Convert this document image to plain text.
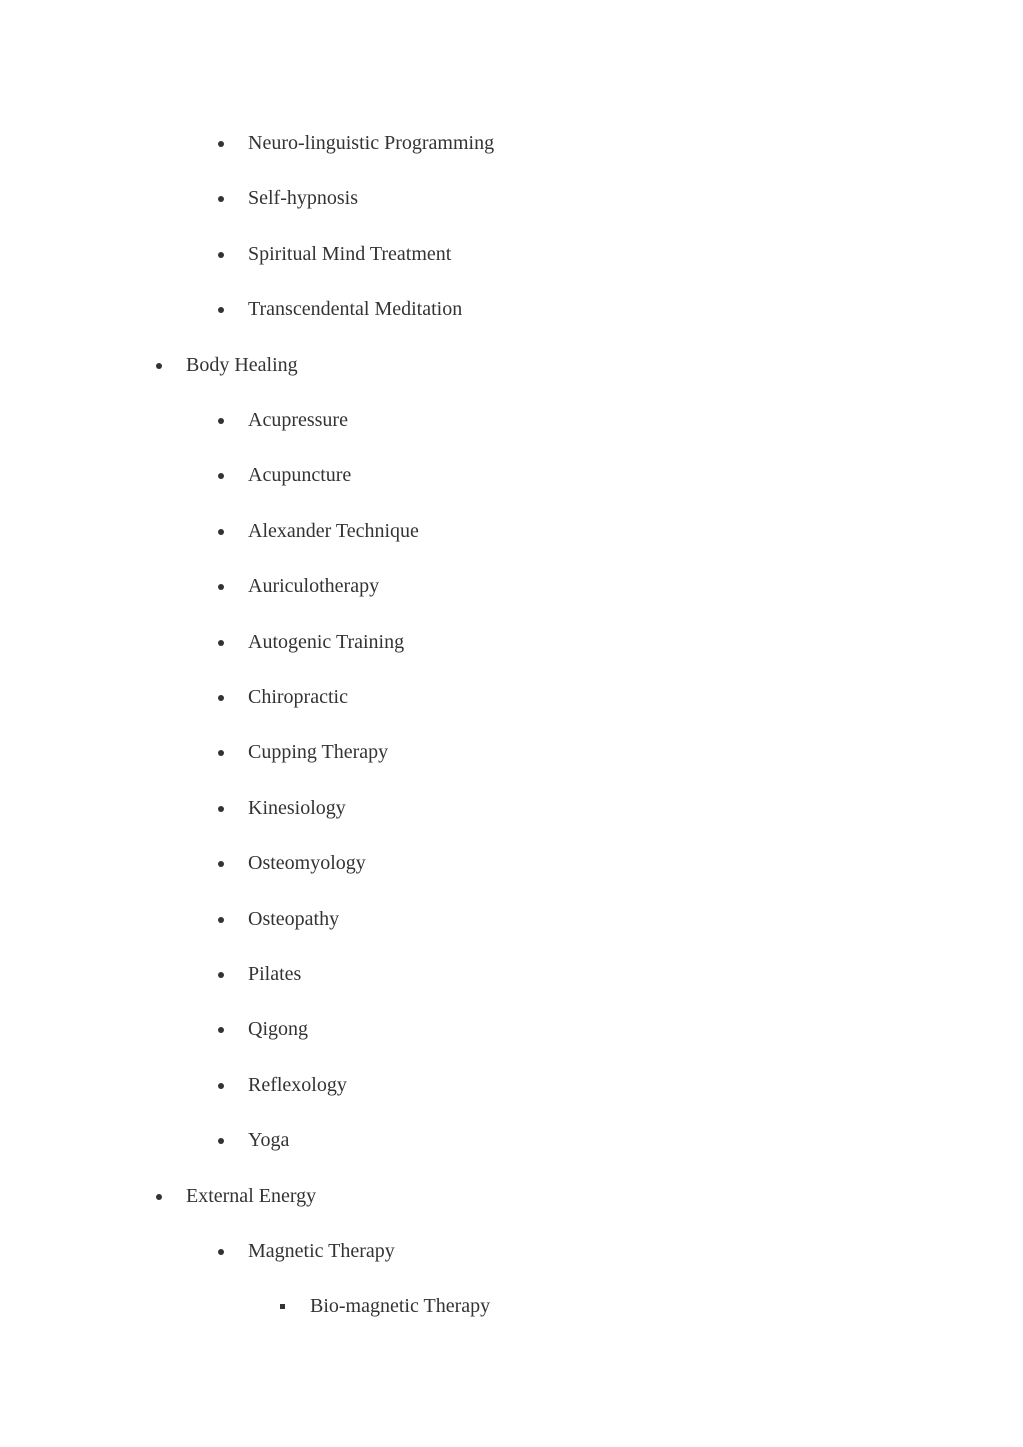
Neuro-linguistic Programming
Self-hypnosis
Spiritual Mind Treatment
Transcendental Meditation
Body Healing
Acupressure
Acupuncture
Alexander Technique
Auriculotherapy
Autogenic Training
Chiropractic
Cupping Therapy
Kinesiology
Osteomyology
Osteopathy
Pilates
Qigong
Reflexology
Yoga
External Energy
Magnetic Therapy
Bio-magnetic Therapy
